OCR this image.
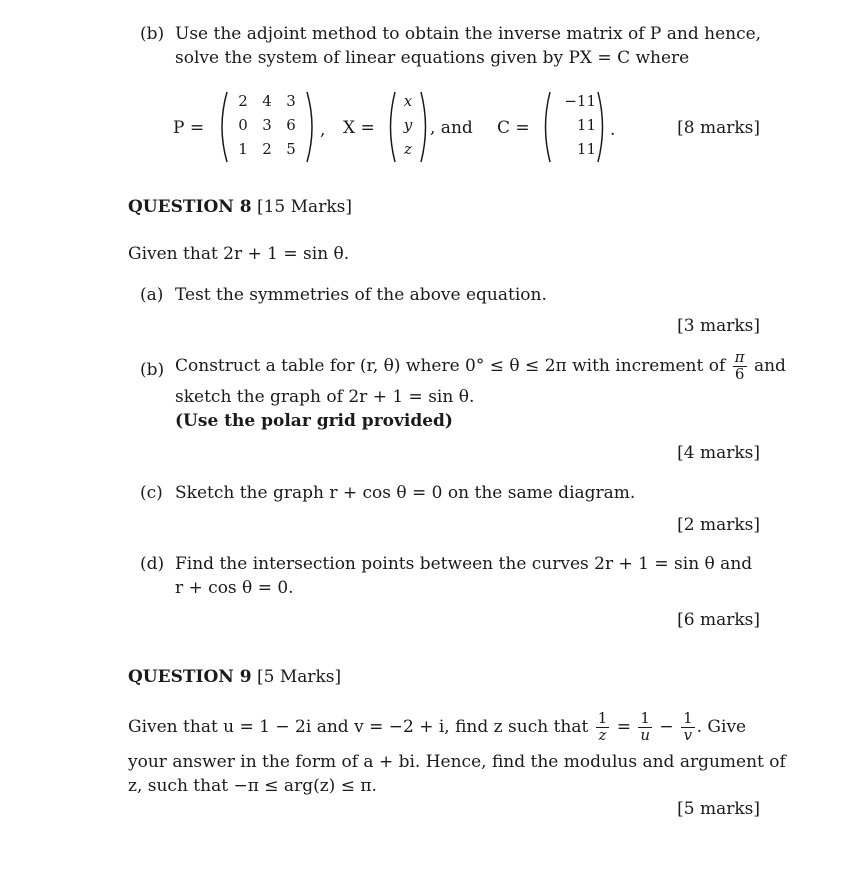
(b) Use the adjoint method to obtain the inverse matrix of P and hence,
solve the system of linear equations given by PX = C where
P =
2 4 3
0 3 6
1 2 5
, X =
x
y
z
, and C =
−11
11
11
.	[8 marks]
QUESTION 8 [15 Marks]
Given that 2r + 1 = sin θ.
(a) Test the symmetries of the above equation.
[3 marks]
(b) Construct a table for (r, θ) where 0° ≤ θ ≤ 2π with increment of $\frac{\pi}{6}$ and
sketch the graph of 2r + 1 = sin θ.
(Use the polar grid provided)
[4 marks]
(c) Sketch the graph r + cos θ = 0 on the same diagram.
[2 marks]
(d) Find the intersection points between the curves 2r + 1 = sin θ and
r + cos θ = 0.
[6 marks]
QUESTION 9 [5 Marks]
Given that u = 1 − 2i and v = −2 + i, find z such that $\frac{1}{z} = \frac{1}{u} - \frac{1}{v}$ . Give
your answer in the form of a + bi. Hence, find the modulus and argument of
z, such that −π ≤ arg(z) ≤ π.
[5 marks]
